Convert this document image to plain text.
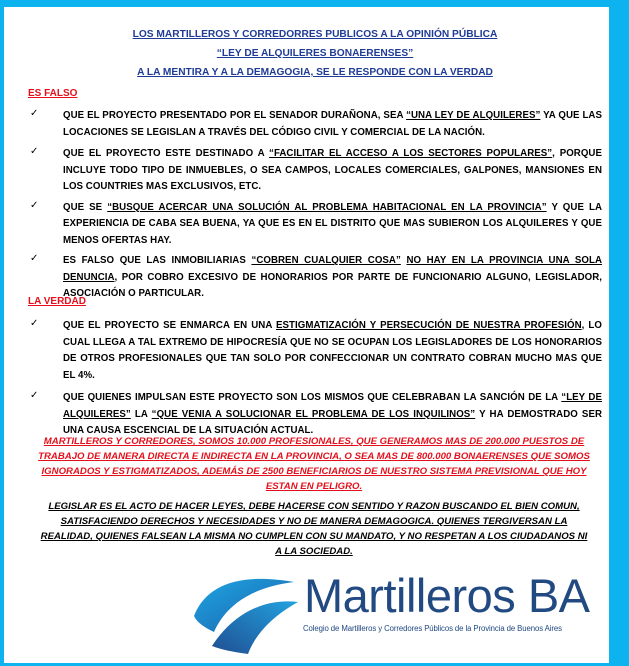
LOS MARTILLEROS Y CORREDORRES PUBLICOS A LA OPINIÓN PÚBLICA
“LEY DE ALQUILERES BONAERENSES”
A LA MENTIRA Y A LA DEMAGOGIA, SE LE RESPONDE CON LA VERDAD
ES FALSO
✓	QUE EL PROYECTO PRESENTADO POR EL SENADOR DURAÑONA, SEA “UNA LEY DE ALQUILERES” YA QUE LAS LOCACIONES SE LEGISLAN A TRAVÉS DEL CÓDIGO CIVIL Y COMERCIAL DE LA NACIÓN.
✓	QUE EL PROYECTO ESTE DESTINADO A “FACILITAR EL ACCESO A LOS SECTORES POPULARES”, PORQUE INCLUYE TODO TIPO DE INMUEBLES, O SEA CAMPOS, LOCALES COMERCIALES, GALPONES, MANSIONES EN LOS COUNTRIES MAS EXCLUSIVOS, ETC.
✓	QUE SE “BUSQUE ACERCAR UNA SOLUCIÓN AL PROBLEMA HABITACIONAL EN LA PROVINCIA” Y QUE LA EXPERIENCIA DE CABA SEA BUENA, YA QUE ES EN EL DISTRITO QUE MAS SUBIERON LOS ALQUILERES Y QUE MENOS OFERTAS HAY.
✓	ES FALSO QUE LAS INMOBILIARIAS “COBREN CUALQUIER COSA” NO HAY EN LA PROVINCIA UNA SOLA DENUNCIA, POR COBRO EXCESIVO DE HONORARIOS POR PARTE DE FUNCIONARIO ALGUNO, LEGISLADOR, ASOCIACIÓN O PARTICULAR.
LA VERDAD
✓	QUE EL PROYECTO SE ENMARCA EN UNA ESTIGMATIZACIÓN Y PERSECUCIÓN DE NUESTRA PROFESIÓN, LO CUAL LLEGA A TAL EXTREMO DE HIPOCRESÍA QUE NO SE OCUPAN LOS LEGISLADORES DE LOS HONORARIOS DE OTROS PROFESIONALES QUE TAN SOLO POR CONFECCIONAR UN CONTRATO COBRAN MUCHO MAS QUE EL 4%.
✓	QUE QUIENES IMPULSAN ESTE PROYECTO SON LOS MISMOS QUE CELEBRABAN LA SANCIÓN DE LA “LEY DE ALQUILERES” LA “QUE VENIA A SOLUCIONAR EL PROBLEMA DE LOS INQUILINOS” Y HA DEMOSTRADO SER UNA CAUSA ESCENCIAL DE LA SITUACIÓN ACTUAL.
MARTILLEROS Y CORREDORES, SOMOS 10.000 PROFESIONALES, QUE GENERAMOS MAS DE 200.000 PUESTOS DE TRABAJO DE MANERA DIRECTA E INDIRECTA EN LA PROVINCIA, O SEA MAS DE 800.000 BONAERENSES QUE SOMOS IGNORADOS Y ESTIGMATIZADOS, ADEMÁS DE 2500 BENEFICIARIOS DE NUESTRO SISTEMA PREVISIONAL QUE HOY ESTAN EN PELIGRO.
LEGISLAR ES EL ACTO DE HACER LEYES, DEBE HACERSE CON SENTIDO Y RAZON BUSCANDO EL BIEN COMUN, SATISFACIENDO DERECHOS Y NECESIDADES Y NO DE MANERA DEMAGOGICA. QUIENES TERGIVERSAN LA REALIDAD, QUIENES FALSEAN LA MISMA NO CUMPLEN CON SU MANDATO, Y NO RESPETAN A LOS CIUDADANOS NI A LA SOCIEDAD.
Martilleros BA
Colegio de Martilleros y Corredores Públicos de la Provincia de Buenos Aires
